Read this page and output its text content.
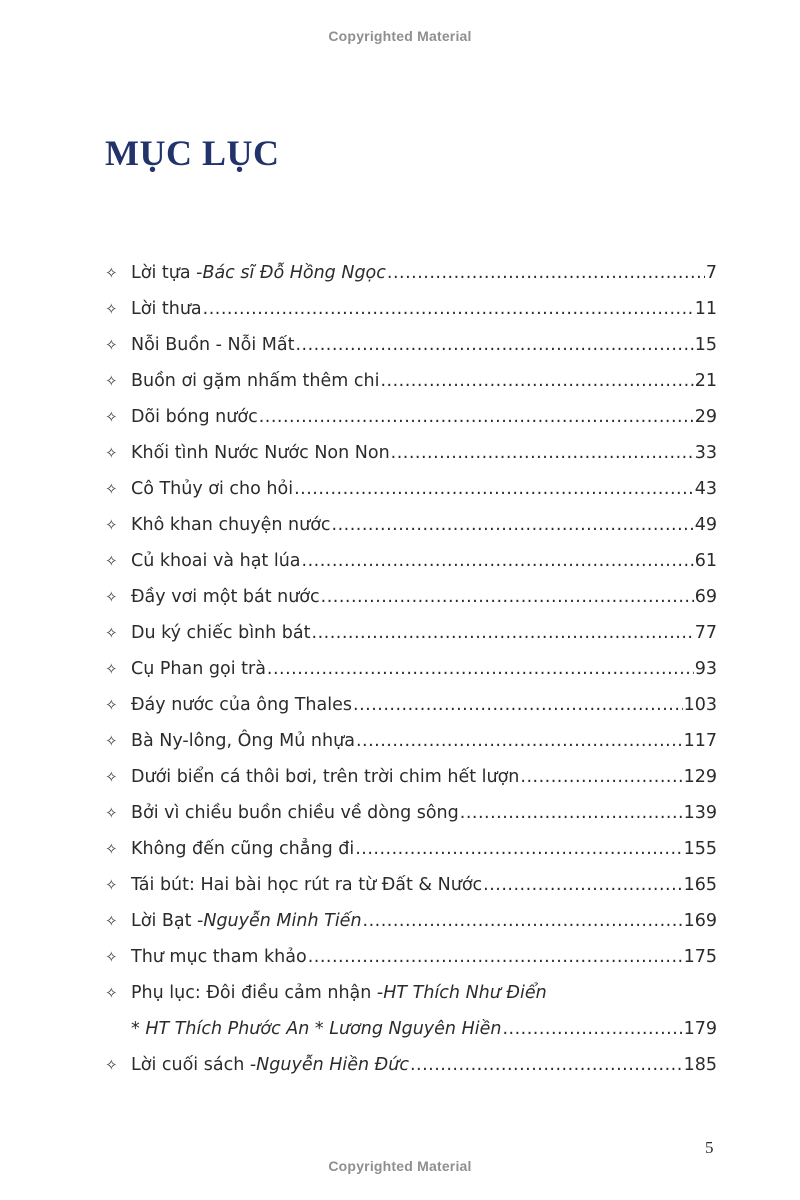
Copyrighted Material
MỤC LỤC
✧ Lời tựa - Bác sĩ Đỗ Hồng Ngọc .....	7
✧ Lời thưa .....	11
✧ Nỗi Buồn - Nỗi Mất .....	15
✧ Buồn ơi gặm nhấm thêm chi .....	21
✧ Dõi bóng nước .....	29
✧ Khối tình Nước Nước Non Non .....	33
✧ Cô Thủy ơi cho hỏi .....	43
✧ Khô khan chuyện nước .....	49
✧ Củ khoai và hạt lúa .....	61
✧ Đầy vơi một bát nước .....	69
✧ Du ký chiếc bình bát .....	77
✧ Cụ Phan gọi trà .....	93
✧ Đáy nước của ông Thales .....	103
✧ Bà Ny-lông, Ông Mủ nhựa .....	117
✧ Dưới biển cá thôi bơi, trên trời chim hết lượn .....	129
✧ Bởi vì chiều buồn chiều về dòng sông .....	139
✧ Không đến cũng chẳng đi .....	155
✧ Tái bút: Hai bài học rút ra từ Đất & Nước .....	165
✧ Lời Bạt - Nguyễn Minh Tiến .....	169
✧ Thư mục tham khảo .....	175
✧ Phụ lục: Đôi điều cảm nhận - HT Thích Như Điển
* HT Thích Phước An * Lương Nguyên Hiền .....	179
✧ Lời cuối sách - Nguyễn Hiền Đức .....	185
5
Copyrighted Material
